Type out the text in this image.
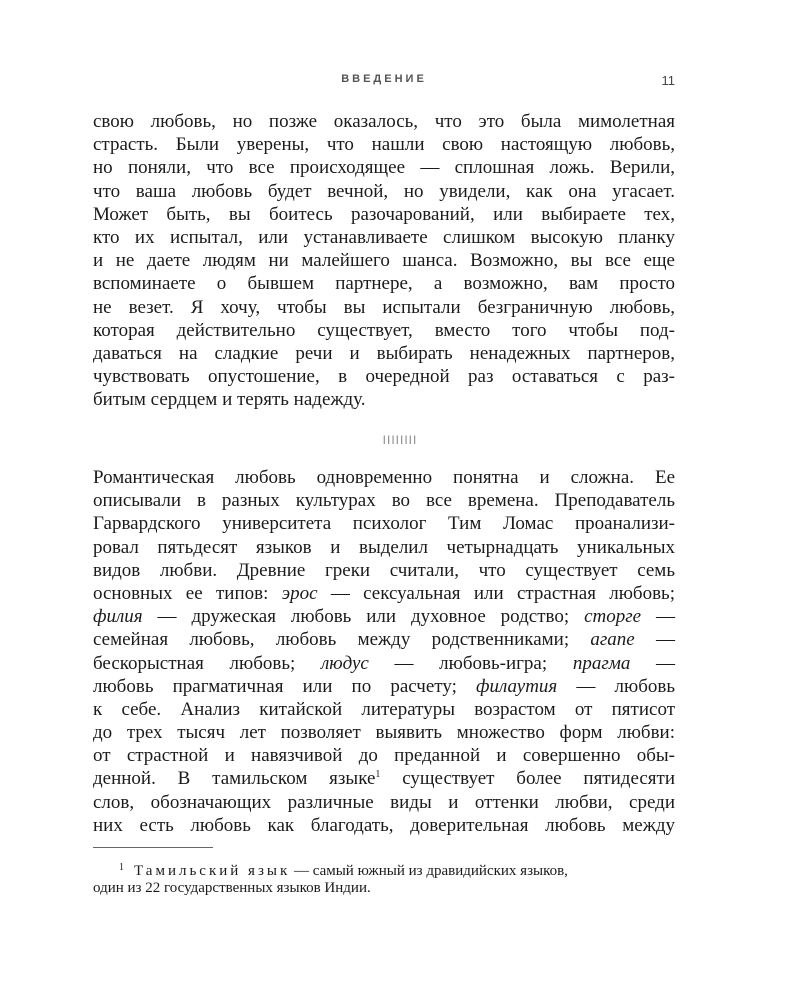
ВВЕДЕНИЕ	11
свою любовь, но позже оказалось, что это была мимолетная
страсть. Были уверены, что нашли свою настоящую любовь,
но поняли, что все происходящее — сплошная ложь. Верили,
что ваша любовь будет вечной, но увидели, как она угасает.
Может быть, вы боитесь разочарований, или выбираете тех,
кто их испытал, или устанавливаете слишком высокую планку
и не даете людям ни малейшего шанса. Возможно, вы все еще
вспоминаете о бывшем партнере, а возможно, вам просто
не везет. Я хочу, чтобы вы испытали безграничную любовь,
которая действительно существует, вместо того чтобы под-
даваться на сладкие речи и выбирать ненадежных партнеров,
чувствовать опустошение, в очередной раз оставаться с раз-
битым сердцем и терять надежду.
IIIIIIII
Романтическая любовь одновременно понятна и сложна. Ее
описывали в разных культурах во все времена. Преподаватель
Гарвардского университета психолог Тим Ломас проанализи-
ровал пятьдесят языков и выделил четырнадцать уникальных
видов любви. Древние греки считали, что существует семь
основных ее типов: эрос — сексуальная или страстная любовь;
филия — дружеская любовь или духовное родство; сторге —
семейная любовь, любовь между родственниками; агапе —
бескорыстная любовь; людус — любовь-игра; прагма —
любовь прагматичная или по расчету; филаутия — любовь
к себе. Анализ китайской литературы возрастом от пятисот
до трех тысяч лет позволяет выявить множество форм любви:
от страстной и навязчивой до преданной и совершенно обы-
денной. В тамильском языке$^1$ существует более пятидесяти
слов, обозначающих различные виды и оттенки любви, среди
них есть любовь как благодать, доверительная любовь между
$^1$ Тамильский язык — самый южный из дравидийских языков,
один из 22 государственных языков Индии.
